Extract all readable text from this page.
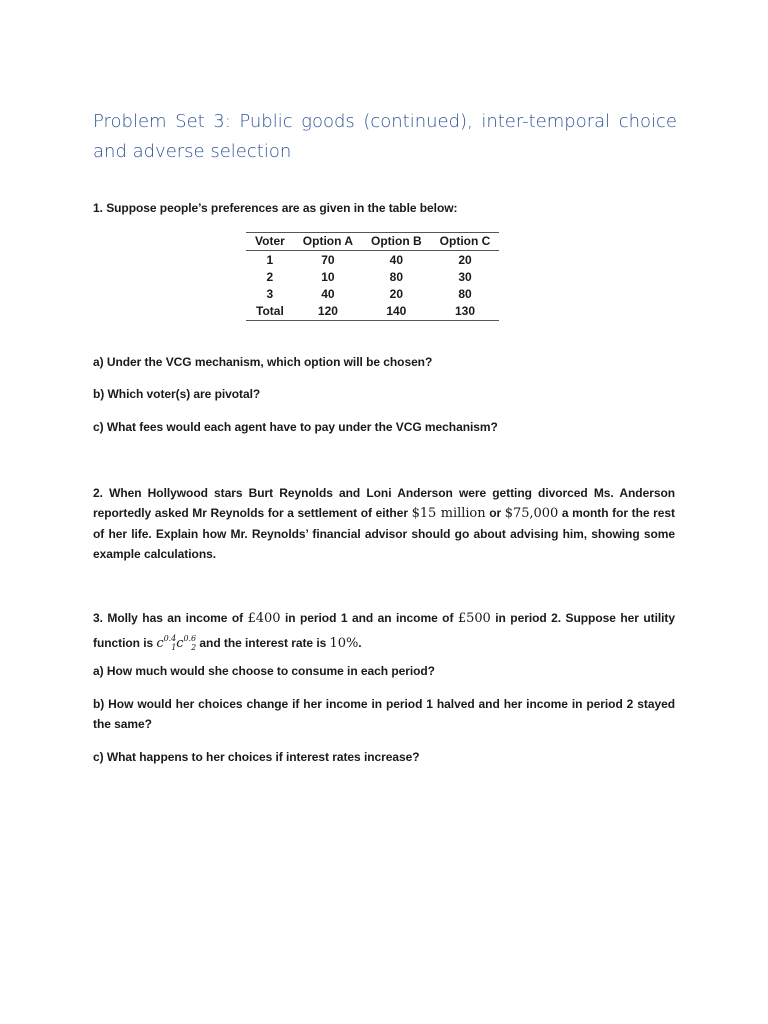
Problem Set 3: Public goods (continued), inter-temporal choice and adverse selection
1. Suppose people’s preferences are as given in the table below:
Voter	Option A	Option B	Option C
1	70	40	20
2	10	80	30
3	40	20	80
Total	120	140	130
a) Under the VCG mechanism, which option will be chosen?
b) Which voter(s) are pivotal?
c) What fees would each agent have to pay under the VCG mechanism?
2. When Hollywood stars Burt Reynolds and Loni Anderson were getting divorced Ms. Anderson reportedly asked Mr Reynolds for a settlement of either $15 million or $75,000 a month for the rest of her life. Explain how Mr. Reynolds’ financial advisor should go about advising him, showing some example calculations.
3. Molly has an income of £400 in period 1 and an income of £500 in period 2. Suppose her utility function is $c^{0.4}_1c^{0.6}_2$ and the interest rate is 10%.
a) How much would she choose to consume in each period?
b) How would her choices change if her income in period 1 halved and her income in period 2 stayed the same?
c) What happens to her choices if interest rates increase?
